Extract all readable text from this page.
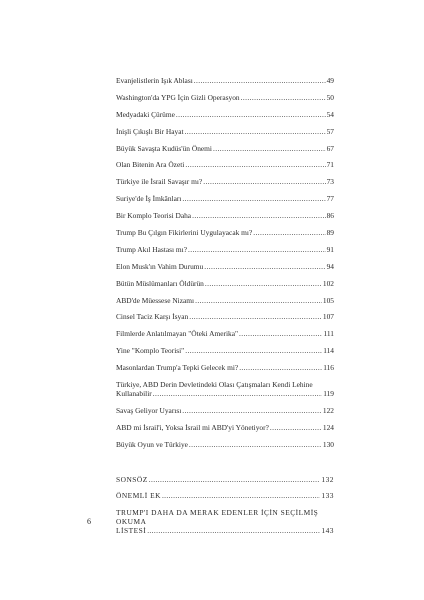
Evanjelistlerin Işık Ablası .....	49
Washington'da YPG İçin Gizli Operasyon .....	50
Medyadaki Çürüme .....	54
İnişli Çıkışlı Bir Hayat .....	57
Büyük Savaşta Kudüs'ün Önemi .....	67
Olan Bitenin Ara Özeti .....	71
Türkiye ile İsrail Savaşır mı? .....	73
Suriye'de İş İmkânları .....	77
Bir Komplo Teorisi Daha .....	86
Trump Bu Çılgın Fikirlerini Uygulayacak mı? .....	89
Trump Akıl Hastası mı? .....	91
Elon Musk'ın Vahim Durumu .....	94
Bütün Müslümanları Öldürün .....	102
ABD'de Müessese Nizamı .....	105
Cinsel Taciz Karşı İsyan .....	107
Filmlerde Anlatılmayan "Öteki Amerika" .....	111
Yine "Komplo Teorisi" .....	114
Masonlardan Trump'a Tepki Gelecek mi? .....	116
Türkiye, ABD Derin Devletindeki Olası Çatışmaları Kendi Lehine
Kullanabilir .....	119
Savaş Geliyor Uyarısı .....	122
ABD mi İsrail'i, Yoksa İsrail mi ABD'yi Yönetiyor? .....	124
Büyük Oyun ve Türkiye .....	130
SONSÖZ .....	132
ÖNEMLİ EK .....	133
TRUMP'I DAHA DA MERAK EDENLER İÇİN SEÇİLMİŞ OKUMA
LİSTESİ .....	143
6
